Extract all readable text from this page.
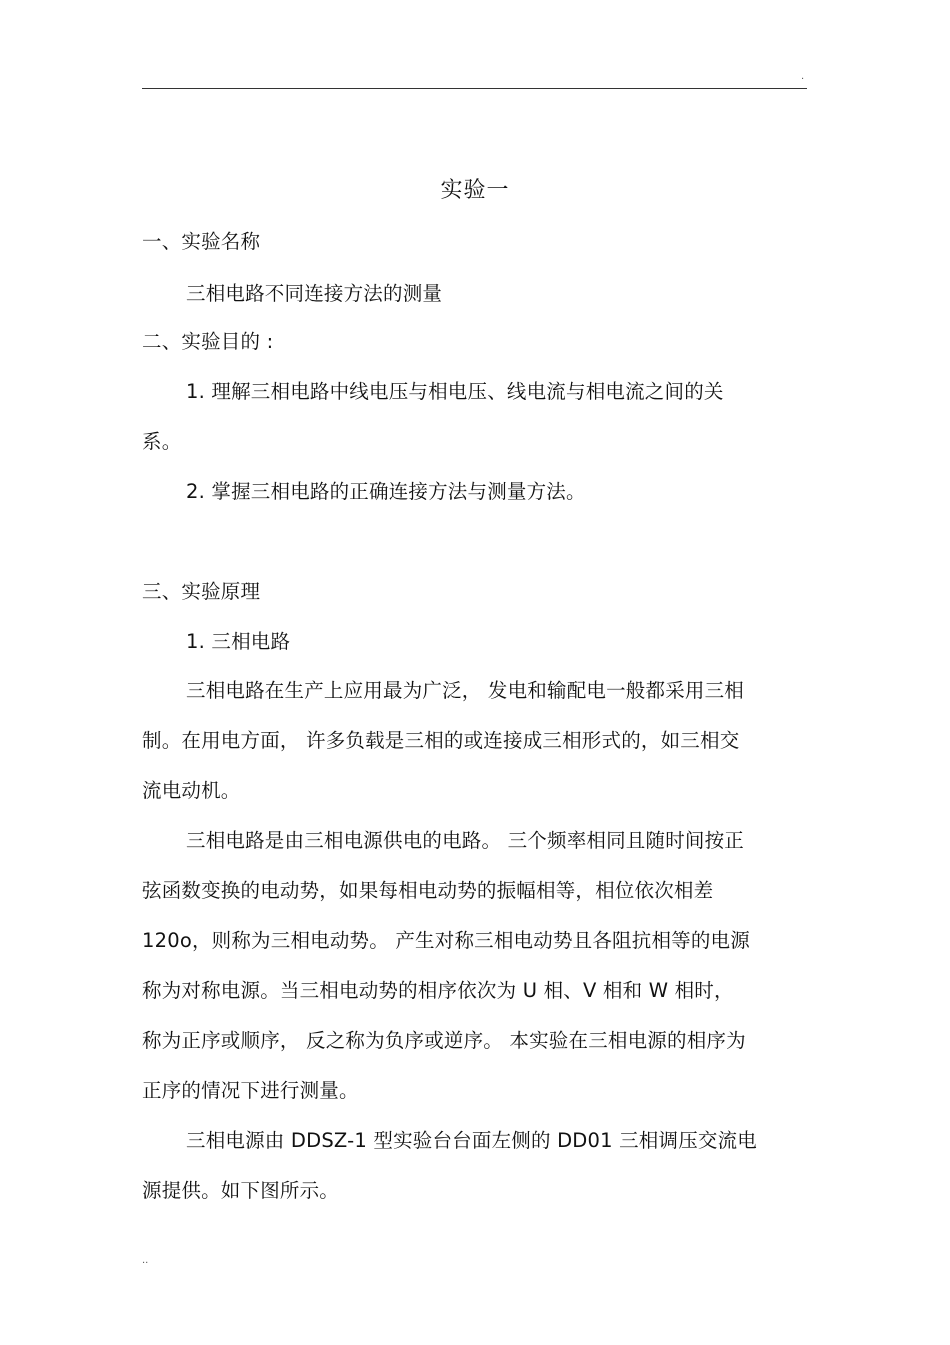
.
实验一
一、实验名称
三相电路不同连接方法的测量
二、实验目的 :
1. 理解三相电路中线电压与相电压、线电流与相电流之间的关
系。
2. 掌握三相电路的正确连接方法与测量方法。
三、实验原理
1. 三相电路
三相电路在生产上应用最为广泛， 发电和输配电一般都采用三相
制。在用电方面， 许多负载是三相的或连接成三相形式的，如三相交
流电动机。
三相电路是由三相电源供电的电路。 三个频率相同且随时间按正
弦函数变换的电动势，如果每相电动势的振幅相等，相位依次相差
120o，则称为三相电动势。 产生对称三相电动势且各阻抗相等的电源
称为对称电源。当三相电动势的相序依次为 U 相、V 相和 W 相时，
称为正序或顺序， 反之称为负序或逆序。 本实验在三相电源的相序为
正序的情况下进行测量。
三相电源由 DDSZ-1 型实验台台面左侧的 DD01 三相调压交流电
源提供。如下图所示。
..
